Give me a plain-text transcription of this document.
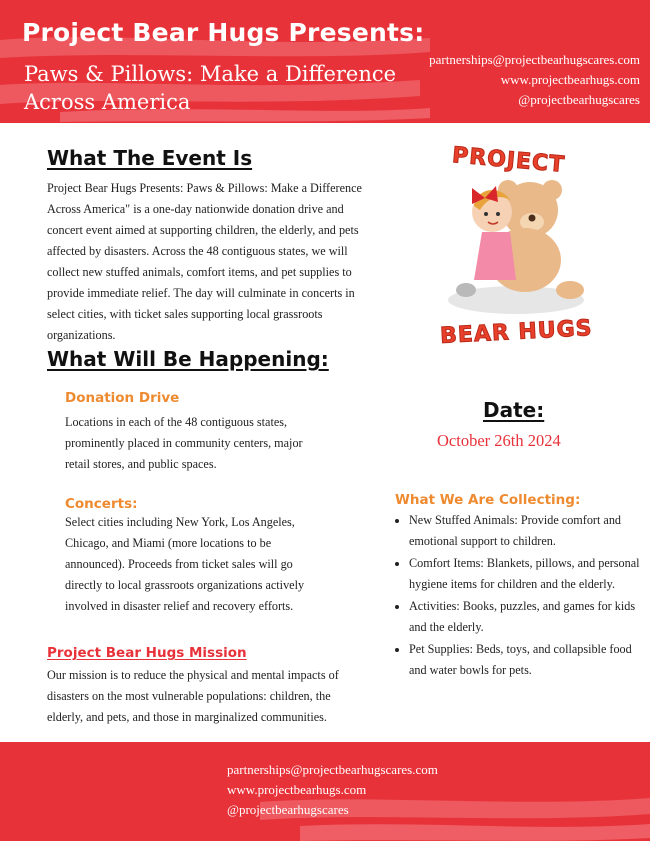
Project Bear Hugs Presents:
Paws & Pillows: Make a Difference Across America
partnerships@projectbearhugscares.com
www.projectbearhugs.com
@projectbearhugscares
What The Event Is
Project Bear Hugs Presents: Paws & Pillows: Make a Difference Across America" is a one-day nationwide donation drive and concert event aimed at supporting children, the elderly, and pets affected by disasters. Across the 48 contiguous states, we will collect new stuffed animals, comfort items, and pet supplies to provide immediate relief. The day will culminate in concerts in select cities, with ticket sales supporting local grassroots organizations.
What Will Be Happening:
Donation Drive
Locations in each of the 48 contiguous states, prominently placed in community centers, major retail stores, and public spaces.
Concerts:
Select cities including New York, Los Angeles, Chicago, and Miami (more locations to be announced). Proceeds from ticket sales will go directly to local grassroots organizations actively involved in disaster relief and recovery efforts.
Project Bear Hugs Mission
Our mission is to reduce the physical and mental impacts of disasters on the most vulnerable populations: children, the elderly, and pets, and those in marginalized communities.
PROJECT
BEAR HUGS
Date:
October 26th 2024
What We Are Collecting:
• New Stuffed Animals: Provide comfort and emotional support to children.
• Comfort Items: Blankets, pillows, and personal hygiene items for children and the elderly.
• Activities: Books, puzzles, and games for kids and the elderly.
• Pet Supplies: Beds, toys, and collapsible food and water bowls for pets.
partnerships@projectbearhugscares.com
www.projectbearhugs.com
@projectbearhugscares
